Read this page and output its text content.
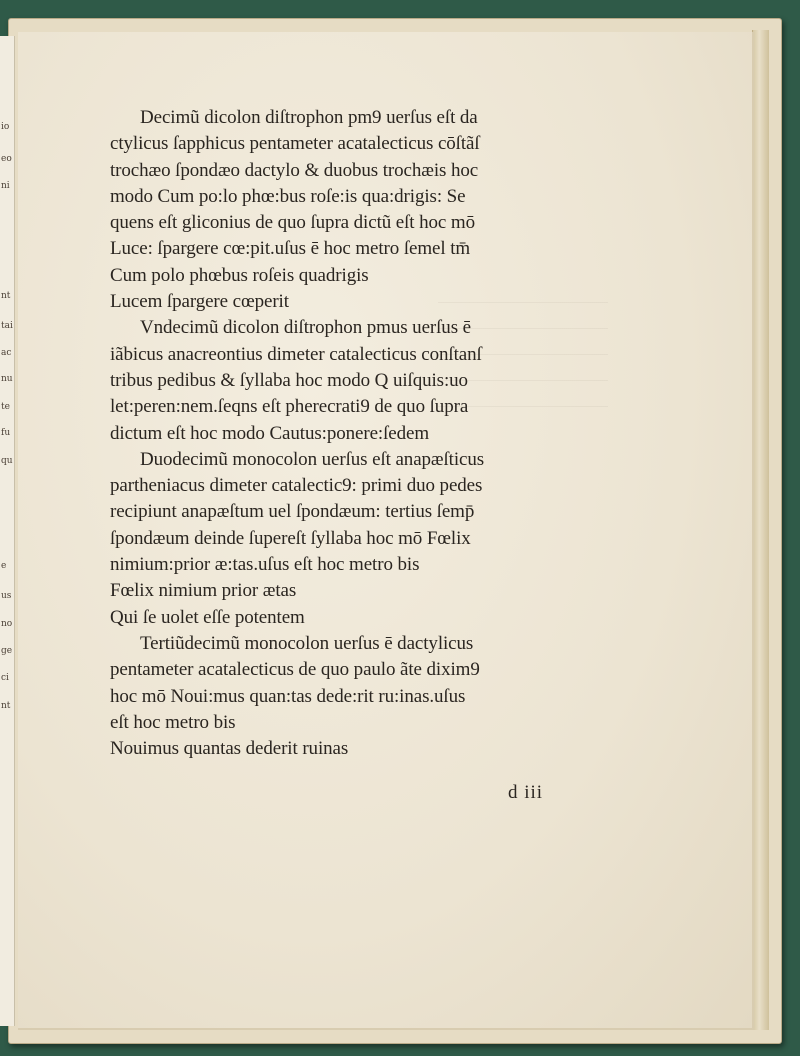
io
eo
ni
nt
tai
ac
nu
te
fu
qu
e
us
no
ge
ci
nt
Decimũ dicolon diſtrophon pm9 uerſus eſt da
ctylicus ſapphicus pentameter acatalecticus cōſtãſ
trochæo ſpondæo dactylo & duobus trochæis hoc
modo Cum po:lo phœ:bus roſe:is qua:drigis: Se
quens eſt gliconius de quo ſupra dictũ eſt hoc mō
Luce: ſpargere cœ:pit.uſus ē hoc metro ſemel tm̄
Cum polo phœbus roſeis quadrigis
Lucem ſpargere cœperit
Vndecimũ dicolon diſtrophon pmus uerſus ē
iãbicus anacreontius dimeter catalecticus conſtanſ
tribus pedibus & ſyllaba hoc modo Q uiſquis:uo
let:peren:nem.ſeqns eſt pherecrati9 de quo ſupra
dictum eſt hoc modo Cautus:ponere:ſedem
Duodecimũ monocolon uerſus eſt anapæſticus
partheniacus dimeter catalectic9: primi duo pedes
recipiunt anapæſtum uel ſpondæum: tertius ſemp̄
ſpondæum deinde ſupereſt ſyllaba hoc mō Fœlix
nimium:prior æ:tas.uſus eſt hoc metro bis
Fœlix nimium prior ætas
Qui ſe uolet eſſe potentem
Tertiũdecimũ monocolon uerſus ē dactylicus
pentameter acatalecticus de quo paulo ãte dixim9
hoc mō Noui:mus quan:tas dede:rit ru:inas.uſus
eſt hoc metro bis
Nouimus quantas dederit ruinas
d iii
